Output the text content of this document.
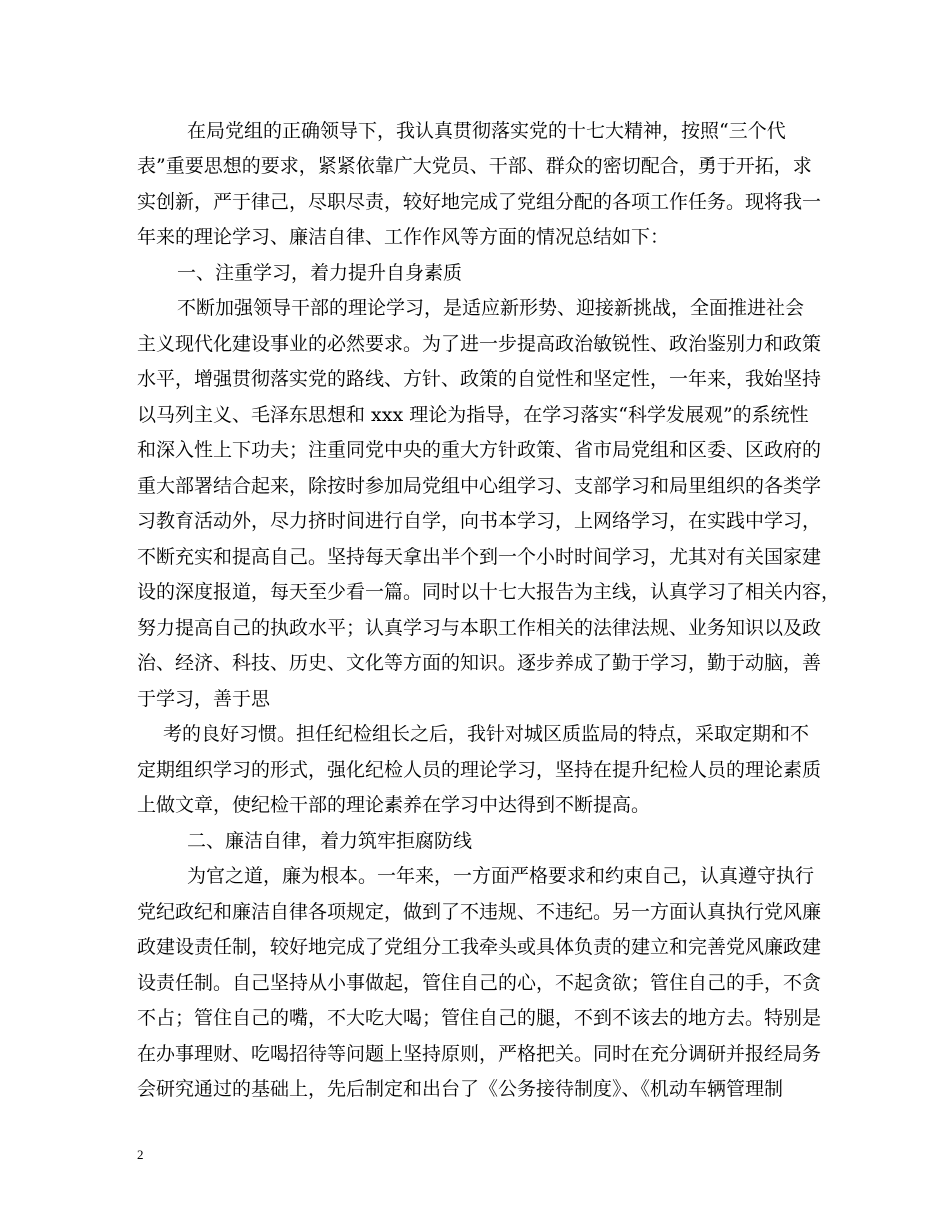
在局党组的正确领导下，我认真贯彻落实党的十七大精神，按照“三个代
表”重要思想的要求，紧紧依靠广大党员、干部、群众的密切配合，勇于开拓，求
实创新，严于律己，尽职尽责，较好地完成了党组分配的各项工作任务。现将我一
年来的理论学习、廉洁自律、工作作风等方面的情况总结如下：
一、注重学习，着力提升自身素质
不断加强领导干部的理论学习，是适应新形势、迎接新挑战，全面推进社会
主义现代化建设事业的必然要求。为了进一步提高政治敏锐性、政治鉴别力和政策
水平，增强贯彻落实党的路线、方针、政策的自觉性和坚定性，一年来，我始坚持
以马列主义、毛泽东思想和 xxx 理论为指导，在学习落实“科学发展观”的系统性
和深入性上下功夫；注重同党中央的重大方针政策、省市局党组和区委、区政府的
重大部署结合起来，除按时参加局党组中心组学习、支部学习和局里组织的各类学
习教育活动外，尽力挤时间进行自学，向书本学习，上网络学习，在实践中学习，
不断充实和提高自己。坚持每天拿出半个到一个小时时间学习，尤其对有关国家建
设的深度报道，每天至少看一篇。同时以十七大报告为主线，认真学习了相关内容，
努力提高自己的执政水平；认真学习与本职工作相关的法律法规、业务知识以及政
治、经济、科技、历史、文化等方面的知识。逐步养成了勤于学习，勤于动脑，善
于学习，善于思
考的良好习惯。担任纪检组长之后，我针对城区质监局的特点，采取定期和不
定期组织学习的形式，强化纪检人员的理论学习，坚持在提升纪检人员的理论素质
上做文章，使纪检干部的理论素养在学习中达得到不断提高。
二、廉洁自律，着力筑牢拒腐防线
为官之道，廉为根本。一年来，一方面严格要求和约束自己，认真遵守执行
党纪政纪和廉洁自律各项规定，做到了不违规、不违纪。另一方面认真执行党风廉
政建设责任制，较好地完成了党组分工我牵头或具体负责的建立和完善党风廉政建
设责任制。自己坚持从小事做起，管住自己的心，不起贪欲；管住自己的手，不贪
不占；管住自己的嘴，不大吃大喝；管住自己的腿，不到不该去的地方去。特别是
在办事理财、吃喝招待等问题上坚持原则，严格把关。同时在充分调研并报经局务
会研究通过的基础上，先后制定和出台了《公务接待制度》、《机动车辆管理制
2
